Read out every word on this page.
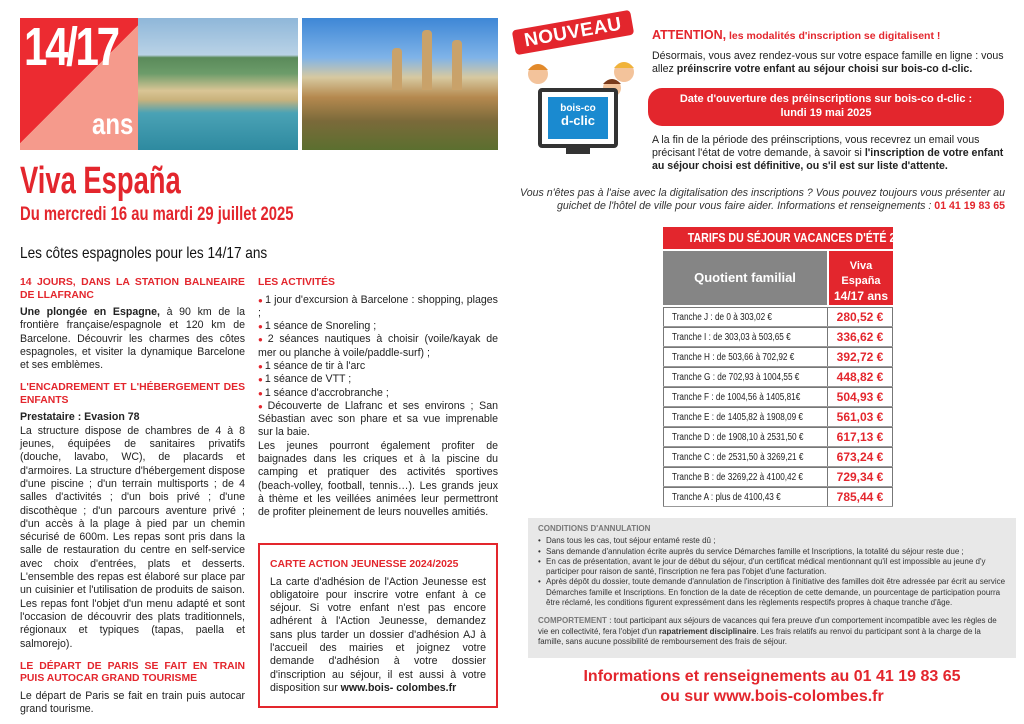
14/17
ans
Viva España
Du mercredi 16 au mardi 29 juillet 2025
Les côtes espagnoles pour les 14/17 ans
14 JOURS, DANS LA STATION BALNEAIRE DE LLAFRANC

Une plongée en Espagne, à 90 km de la frontière française/espagnole et 120 km de Barcelone. Découvrir les charmes des côtes espagnoles, et visiter la dynamique Barcelone et ses emblèmes.

L'ENCADREMENT ET L'HÉBERGEMENT DES ENFANTS

Prestataire : Evasion 78

La structure dispose de chambres de 4 à 8 jeunes, équipées de sanitaires privatifs (douche, lavabo, WC), de placards et d'armoires. La structure d'hébergement dispose d'une piscine ; d'un terrain multisports ; de 4 salles d'activités ; d'un bois privé ; d'une discothèque ; d'un parcours aventure privé ; d'un accès à la plage à pied par un chemin sécurisé de 600m. Les repas sont pris dans la salle de restauration du centre en self-service avec choix d'entrées, plats et desserts. L'ensemble des repas est élaboré sur place par un cuisinier et l'utilisation de produits de saison. Les repas font l'objet d'un menu adapté et sont l'occasion de découvrir des plats traditionnels, régionaux et typiques (tapas, paella et salmorejo).

LE DÉPART DE PARIS SE FAIT EN TRAIN PUIS AUTOCAR GRAND TOURISME

Le départ de Paris se fait en train puis autocar grand tourisme.

LES ACTIVITÉS
● 1 jour d'excursion à Barcelone : shopping, plages ;
● 1 séance de Snoreling ;
● 2 séances nautiques à choisir (voile/kayak de mer ou planche à voile/paddle-surf) ;
● 1 séance de tir à l'arc
● 1 séance de VTT ;
● 1 séance d'accrobranche ;
● Découverte de Llafranc et ses environs ; San Sébastian avec son phare et sa vue imprenable sur la baie.

Les jeunes pourront également profiter de baignades dans les criques et à la piscine du camping et pratiquer des activités sportives (beach-volley, football, tennis…). Les grands jeux à thème et les veillées animées leur permettront de profiter pleinement de leurs nouvelles amitiés.

CARTE ACTION JEUNESSE 2024/2025

La carte d'adhésion de l'Action Jeunesse est obligatoire pour inscrire votre enfant à ce séjour. Si votre enfant n'est pas encore adhérent à l'Action Jeunesse, demandez sans plus tarder un dossier d'adhésion AJ à l'accueil des mairies et joignez votre demande d'adhésion à votre dossier d'inscription au séjour, il est aussi à votre disposition sur www.bois- colombes.fr

NOUVEAU
bois-co
d-clic
ATTENTION, les modalités d'inscription se digitalisent !
Désormais, vous avez rendez-vous sur votre espace famille en ligne : vous allez préinscrire votre enfant au séjour choisi sur bois-co d-clic.
Date d'ouverture des préinscriptions sur bois-co d-clic :
lundi 19 mai 2025
A la fin de la période des préinscriptions, vous recevrez un email vous précisant l'état de votre demande, à savoir si l'inscription de votre enfant au séjour choisi est définitive, ou s'il est sur liste d'attente.
Vous n'êtes pas à l'aise avec la digitalisation des inscriptions ? Vous pouvez toujours vous présenter au guichet de l'hôtel de ville pour vous faire aider. Informations et renseignements : 01 41 19 83 65
TARIFS DU SÉJOUR VACANCES D'ÉTÉ 2025
Quotient familial
Viva España
14/17 ans
Tranche J : de 0 à 303,02 €	280,52 €
Tranche I : de 303,03 à 503,65 €	336,62 €
Tranche H : de 503,66 à 702,92 €	392,72 €
Tranche G : de 702,93 à 1004,55 €	448,82 €
Tranche F : de 1004,56 à 1405,81€	504,93 €
Tranche E : de 1405,82 à 1908,09 €	561,03 €
Tranche D : de 1908,10 à 2531,50 €	617,13 €
Tranche C : de 2531,50 à 3269,21 €	673,24 €
Tranche B : de 3269,22 à 4100,42 €	729,34 €
Tranche A : plus de 4100,43 €	785,44 €
CONDITIONS D'ANNULATION
• Dans tous les cas, tout séjour entamé reste dû ;
• Sans demande d'annulation écrite auprès du service Démarches famille et Inscriptions, la totalité du séjour reste due ;
• En cas de présentation, avant le jour de début du séjour, d'un certificat médical mentionnant qu'il est impossible au jeune d'y participer pour raison de santé, l'inscription ne fera pas l'objet d'une facturation.
• Après dépôt du dossier, toute demande d'annulation de l'inscription à l'initiative des familles doit être adressée par écrit au service Démarches famille et Inscriptions. En fonction de la date de réception de cette demande, un pourcentage de participation pourra être réclamé, les conditions figurent expressément dans les règlements respectifs propres à chaque tranche d'âge.

COMPORTEMENT : tout participant aux séjours de vacances qui fera preuve d'un comportement incompatible avec les règles de vie en collectivité, fera l'objet d'un rapatriement disciplinaire. Les frais relatifs au renvoi du participant sont à la charge de la famille, sans aucune possibilité de remboursement des frais de séjour.

Informations et renseignements au 01 41 19 83 65
ou sur www.bois-colombes.fr
